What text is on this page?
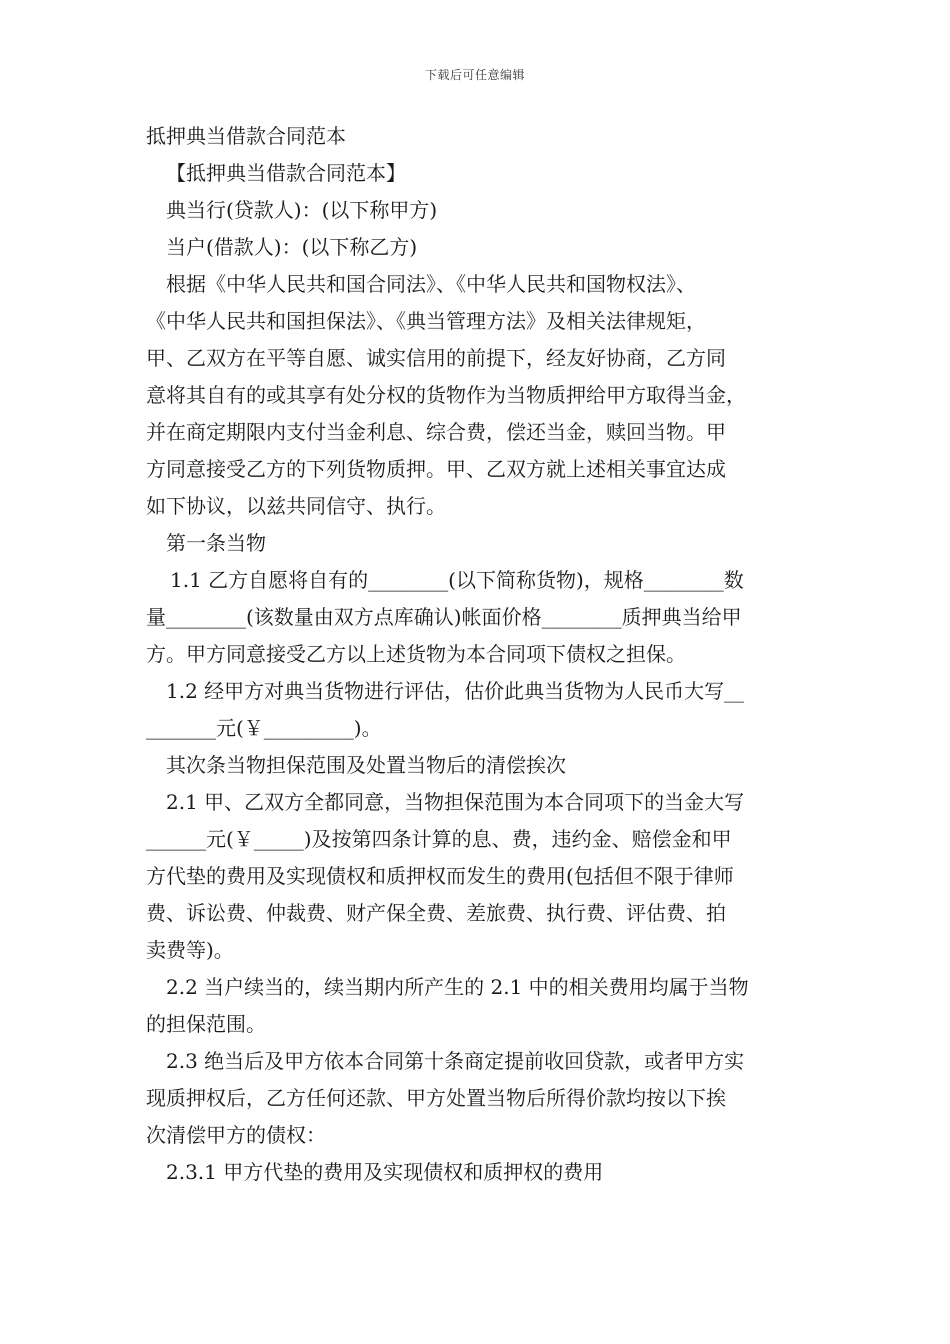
下载后可任意编辑
抵押典当借款合同范本
【抵押典当借款合同范本】
典当行(贷款人)：(以下称甲方)
当户(借款人)：(以下称乙方)
根据《中华人民共和国合同法》、《中华人民共和国物权法》、
《中华人民共和国担保法》、《典当管理方法》及相关法律规矩，
甲、乙双方在平等自愿、诚实信用的前提下，经友好协商，乙方同
意将其自有的或其享有处分权的货物作为当物质押给甲方取得当金，
并在商定期限内支付当金利息、综合费，偿还当金，赎回当物。甲
方同意接受乙方的下列货物质押。甲、乙双方就上述相关事宜达成
如下协议，以兹共同信守、执行。
第一条当物
1.1 乙方自愿将自有的________(以下简称货物)，规格________数
量________(该数量由双方点库确认)帐面价格________质押典当给甲
方。甲方同意接受乙方以上述货物为本合同项下债权之担保。
1.2 经甲方对典当货物进行评估，估价此典当货物为人民币大写__
_______元(￥_________)。
其次条当物担保范围及处置当物后的清偿挨次
2.1 甲、乙双方全都同意，当物担保范围为本合同项下的当金大写
______元(￥_____)及按第四条计算的息、费，违约金、赔偿金和甲
方代垫的费用及实现债权和质押权而发生的费用(包括但不限于律师
费、诉讼费、仲裁费、财产保全费、差旅费、执行费、评估费、拍
卖费等)。
2.2 当户续当的，续当期内所产生的 2.1 中的相关费用均属于当物
的担保范围。
2.3 绝当后及甲方依本合同第十条商定提前收回贷款，或者甲方实
现质押权后，乙方任何还款、甲方处置当物后所得价款均按以下挨
次清偿甲方的债权：
2.3.1 甲方代垫的费用及实现债权和质押权的费用
